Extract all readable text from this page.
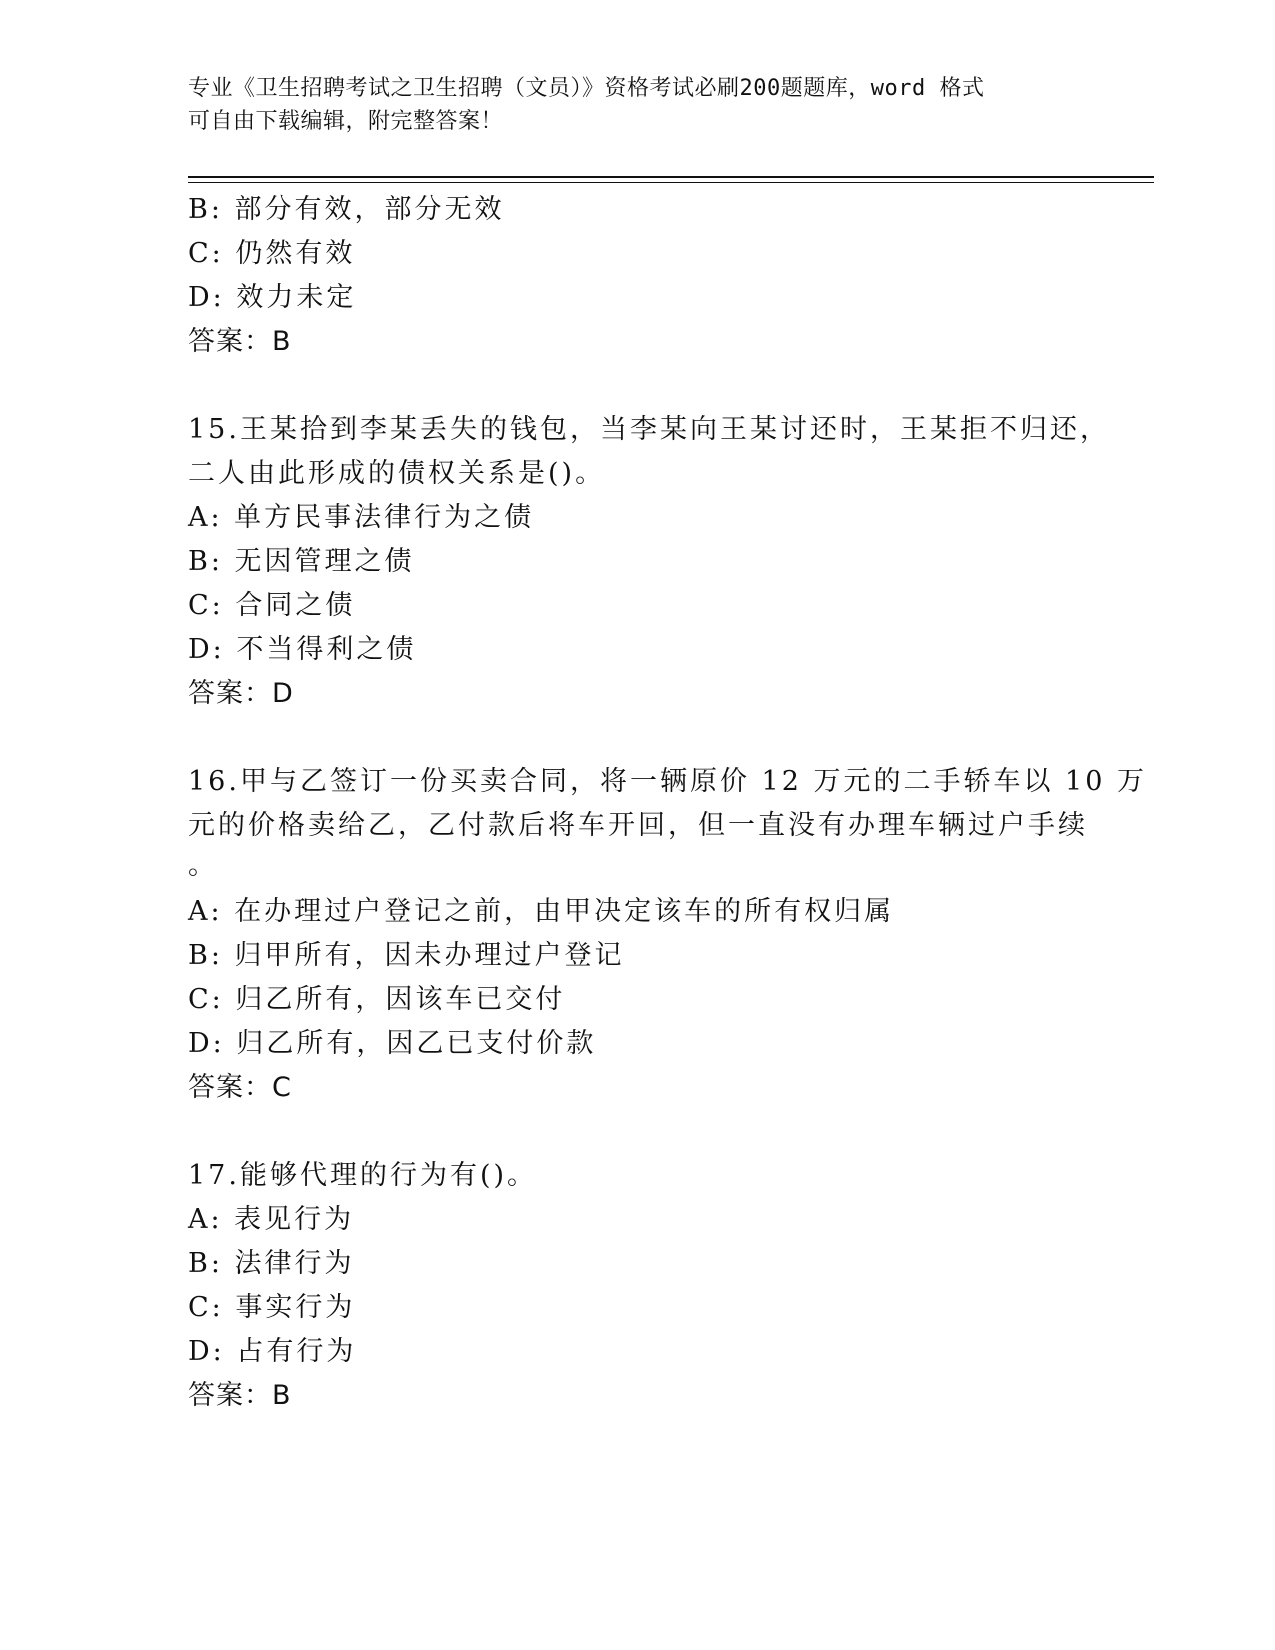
专业《卫生招聘考试之卫生招聘（文员）》资格考试必刷200题题库，word 格式
可自由下载编辑，附完整答案！
B: 部分有效，部分无效
C: 仍然有效
D: 效力未定
答案：B
15.王某拾到李某丢失的钱包，当李某向王某讨还时，王某拒不归还，
二人由此形成的债权关系是()。
A: 单方民事法律行为之债
B: 无因管理之债
C: 合同之债
D: 不当得利之债
答案：D
16.甲与乙签订一份买卖合同，将一辆原价 12 万元的二手轿车以 10 万
元的价格卖给乙，乙付款后将车开回，但一直没有办理车辆过户手续
。
A: 在办理过户登记之前，由甲决定该车的所有权归属
B: 归甲所有，因未办理过户登记
C: 归乙所有，因该车已交付
D: 归乙所有，因乙已支付价款
答案：C
17.能够代理的行为有()。
A: 表见行为
B: 法律行为
C: 事实行为
D: 占有行为
答案：B
